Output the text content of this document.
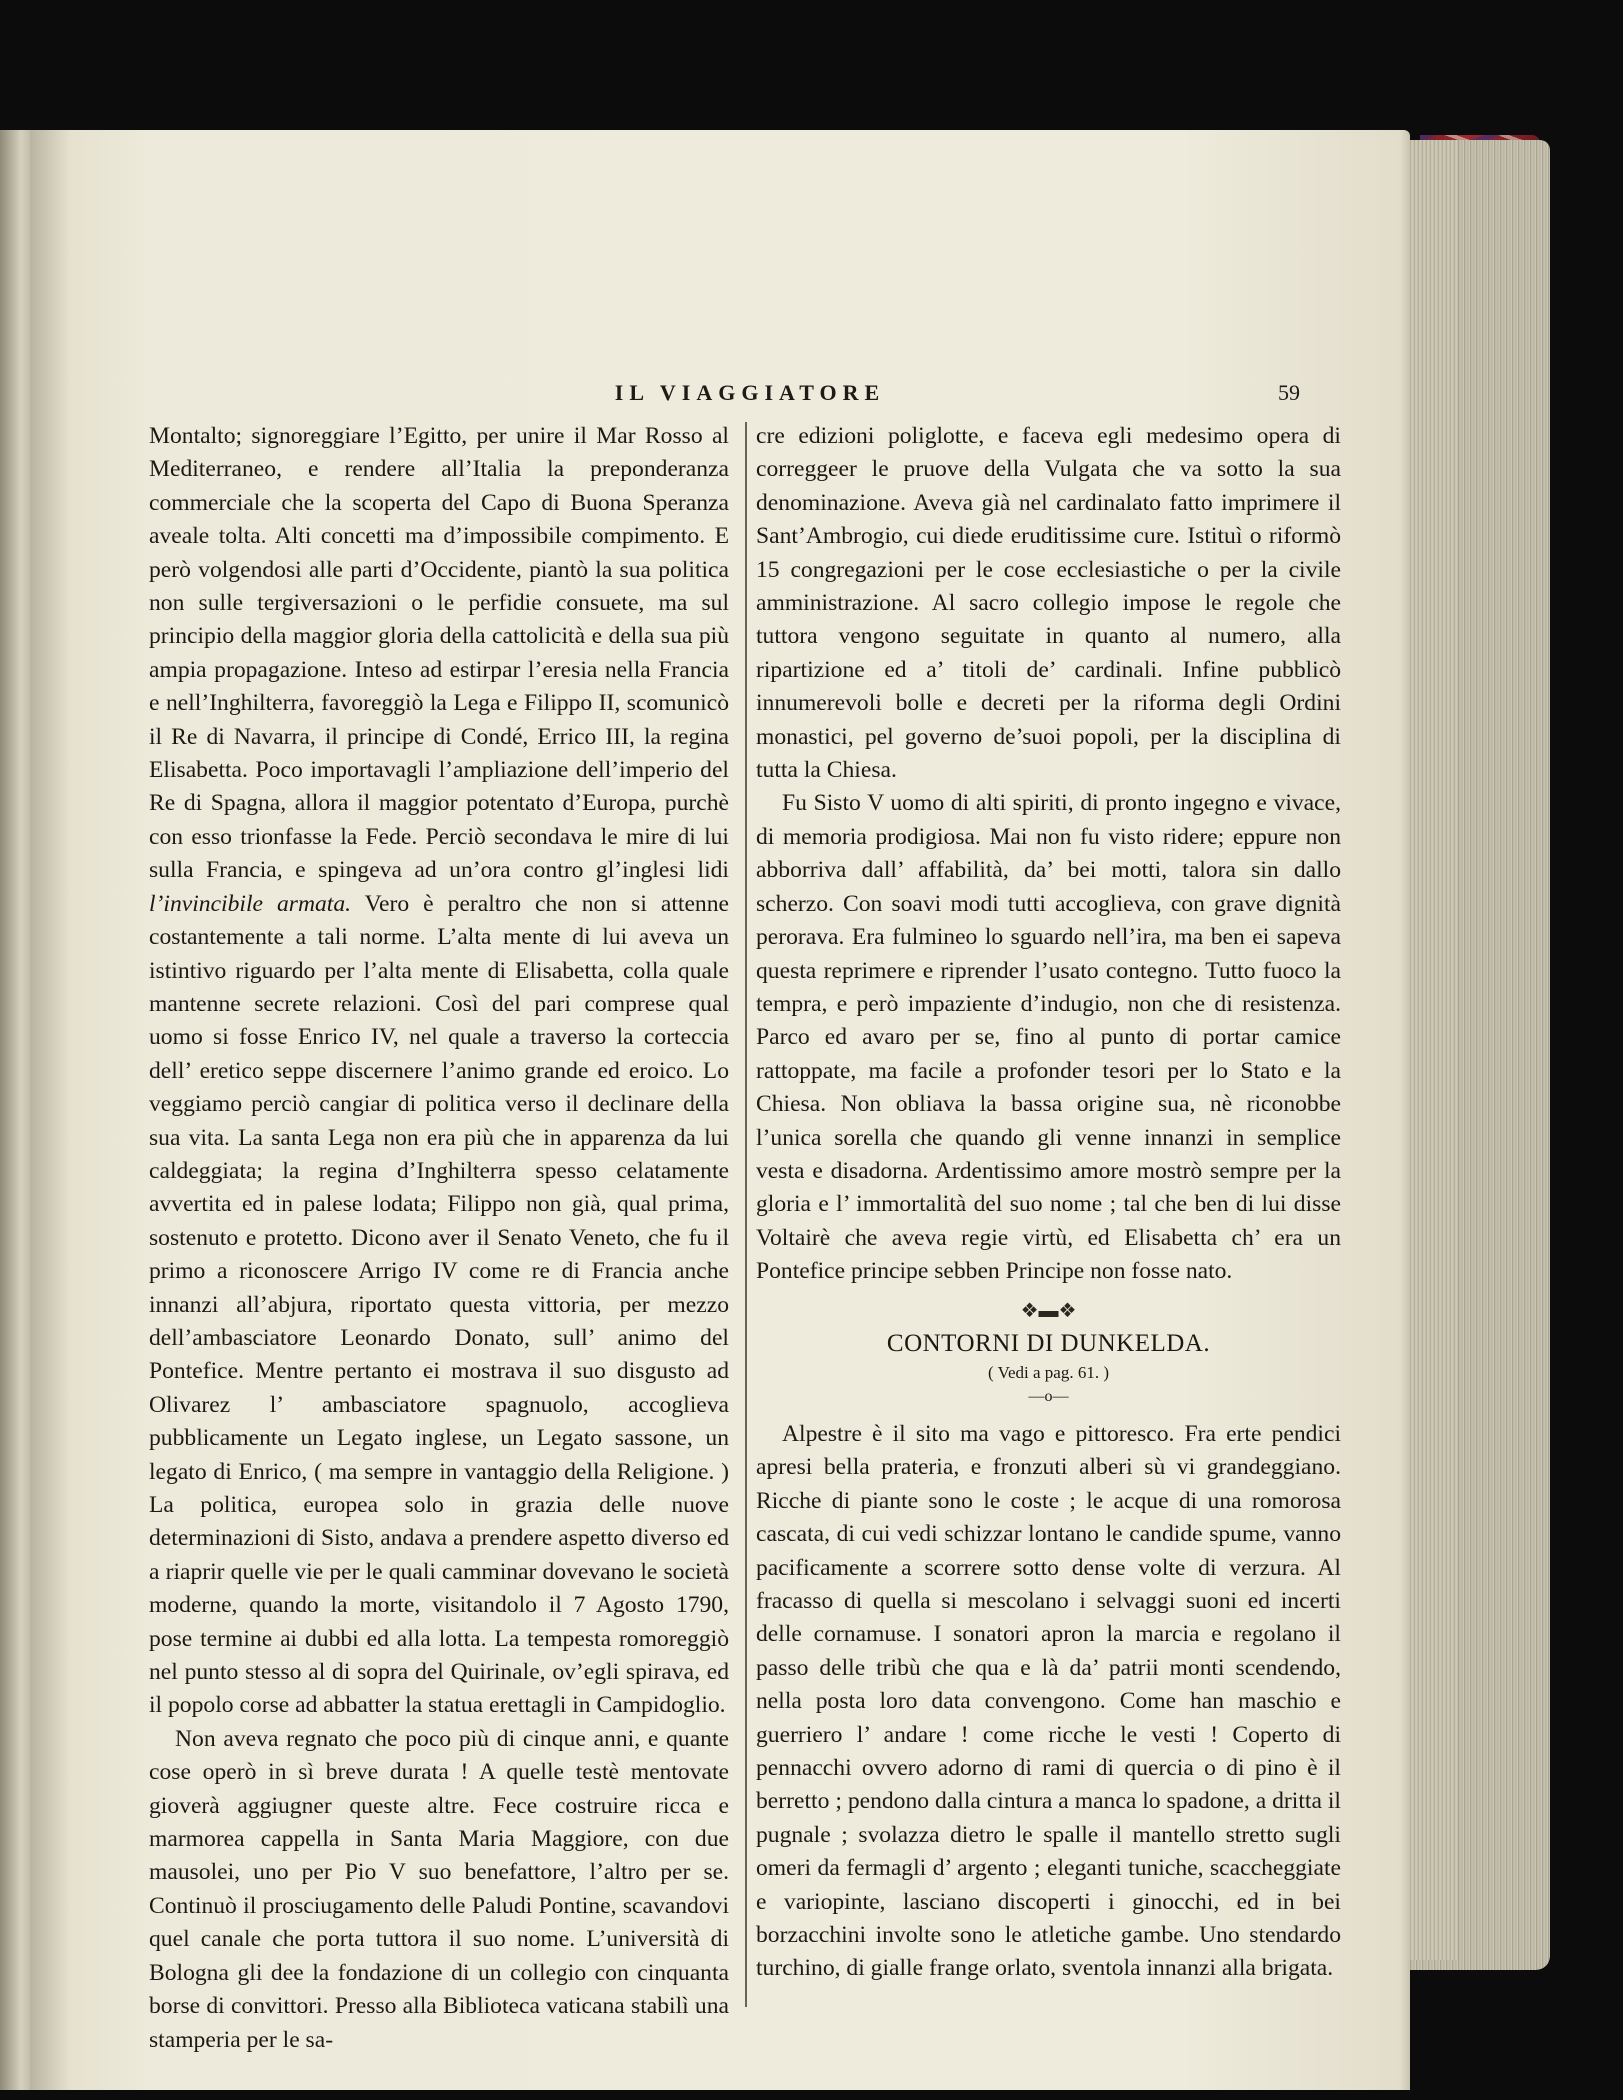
IL VIAGGIATORE	59

Montalto; signoreggiare l’Egitto, per unire il Mar Rosso al Mediterraneo, e rendere all’Italia la preponderanza commerciale che la scoperta del Capo di Buona Speranza aveale tolta. Alti concetti ma d’impossibile compimento. E però volgendosi alle parti d’Occidente, piantò la sua politica non sulle tergiversazioni o le perfidie consuete, ma sul principio della maggior gloria della cattolicità e della sua più ampia propagazione. Inteso ad estirpar l’eresia nella Francia e nell’Inghilterra, favoreggiò la Lega e Filippo II, scomunicò il Re di Navarra, il principe di Condé, Errico III, la regina Elisabetta. Poco importavagli l’ampliazione dell’imperio del Re di Spagna, allora il maggior potentato d’Europa, purchè con esso trionfasse la Fede. Perciò secondava le mire di lui sulla Francia, e spingeva ad un’ora contro gl’inglesi lidi l’invincibile armata. Vero è peraltro che non si attenne costantemente a tali norme. L’alta mente di lui aveva un istintivo riguardo per l’alta mente di Elisabetta, colla quale mantenne secrete relazioni. Così del pari comprese qual uomo si fosse Enrico IV, nel quale a traverso la corteccia dell’ eretico seppe discernere l’animo grande ed eroico. Lo veggiamo perciò cangiar di politica verso il declinare della sua vita. La santa Lega non era più che in apparenza da lui caldeggiata; la regina d’Inghilterra spesso celatamente avvertita ed in palese lodata; Filippo non già, qual prima, sostenuto e protetto. Dicono aver il Senato Veneto, che fu il primo a riconoscere Arrigo IV come re di Francia anche innanzi all’abjura, riportato questa vittoria, per mezzo dell’ambasciatore Leonardo Donato, sull’ animo del Pontefice. Mentre pertanto ei mostrava il suo disgusto ad Olivarez l’ ambasciatore spagnuolo, accoglieva pubblicamente un Legato inglese, un Legato sassone, un legato di Enrico, ( ma sempre in vantaggio della Religione. ) La politica, europea solo in grazia delle nuove determinazioni di Sisto, andava a prendere aspetto diverso ed a riaprir quelle vie per le quali camminar dovevano le società moderne, quando la morte, visitandolo il 7 Agosto 1790, pose termine ai dubbi ed alla lotta. La tempesta romoreggiò nel punto stesso al di sopra del Quirinale, ov’egli spirava, ed il popolo corse ad abbatter la statua erettagli in Campidoglio.

Non aveva regnato che poco più di cinque anni, e quante cose operò in sì breve durata ! A quelle testè mentovate gioverà aggiugner queste altre. Fece costruire ricca e marmorea cappella in Santa Maria Maggiore, con due mausolei, uno per Pio V suo benefattore, l’altro per se. Continuò il prosciugamento delle Paludi Pontine, scavandovi quel canale che porta tuttora il suo nome. L’università di Bologna gli dee la fondazione di un collegio con cinquanta borse di convittori. Presso alla Biblioteca vaticana stabilì una stamperia per le sa-

cre edizioni poliglotte, e faceva egli medesimo opera di correggeer le pruove della Vulgata che va sotto la sua denominazione. Aveva già nel cardinalato fatto imprimere il Sant’Ambrogio, cui diede eruditissime cure. Istituì o riformò 15 congregazioni per le cose ecclesiastiche o per la civile amministrazione. Al sacro collegio impose le regole che tuttora vengono seguitate in quanto al numero, alla ripartizione ed a’ titoli de’ cardinali. Infine pubblicò innumerevoli bolle e decreti per la riforma degli Ordini monastici, pel governo de’suoi popoli, per la disciplina di tutta la Chiesa.

Fu Sisto V uomo di alti spiriti, di pronto ingegno e vivace, di memoria prodigiosa. Mai non fu visto ridere; eppure non abborriva dall’ affabilità, da’ bei motti, talora sin dallo scherzo. Con soavi modi tutti accoglieva, con grave dignità perorava. Era fulmineo lo sguardo nell’ira, ma ben ei sapeva questa reprimere e riprender l’usato contegno. Tutto fuoco la tempra, e però impaziente d’indugio, non che di resistenza. Parco ed avaro per se, fino al punto di portar camice rattoppate, ma facile a profonder tesori per lo Stato e la Chiesa. Non obliava la bassa origine sua, nè riconobbe l’unica sorella che quando gli venne innanzi in semplice vesta e disadorna. Ardentissimo amore mostrò sempre per la gloria e l’ immortalità del suo nome ; tal che ben di lui disse Voltairè che aveva regie virtù, ed Elisabetta ch’ era un Pontefice principe sebben Principe non fosse nato.

❖▬❖
CONTORNI DI DUNKELDA.
( Vedi a pag. 61. )
—o—

Alpestre è il sito ma vago e pittoresco. Fra erte pendici apresi bella prateria, e fronzuti alberi sù vi grandeggiano. Ricche di piante sono le coste ; le acque di una romorosa cascata, di cui vedi schizzar lontano le candide spume, vanno pacificamente a scorrere sotto dense volte di verzura. Al fracasso di quella si mescolano i selvaggi suoni ed incerti delle cornamuse. I sonatori apron la marcia e regolano il passo delle tribù che qua e là da’ patrii monti scendendo, nella posta loro data convengono. Come han maschio e guerriero l’ andare ! come ricche le vesti ! Coperto di pennacchi ovvero adorno di rami di quercia o di pino è il berretto ; pendono dalla cintura a manca lo spadone, a dritta il pugnale ; svolazza dietro le spalle il mantello stretto sugli omeri da fermagli d’ argento ; eleganti tuniche, scaccheggiate e variopinte, lasciano discoperti i ginocchi, ed in bei borzacchini involte sono le atletiche gambe. Uno stendardo turchino, di gialle frange orlato, sventola innanzi alla brigata.
